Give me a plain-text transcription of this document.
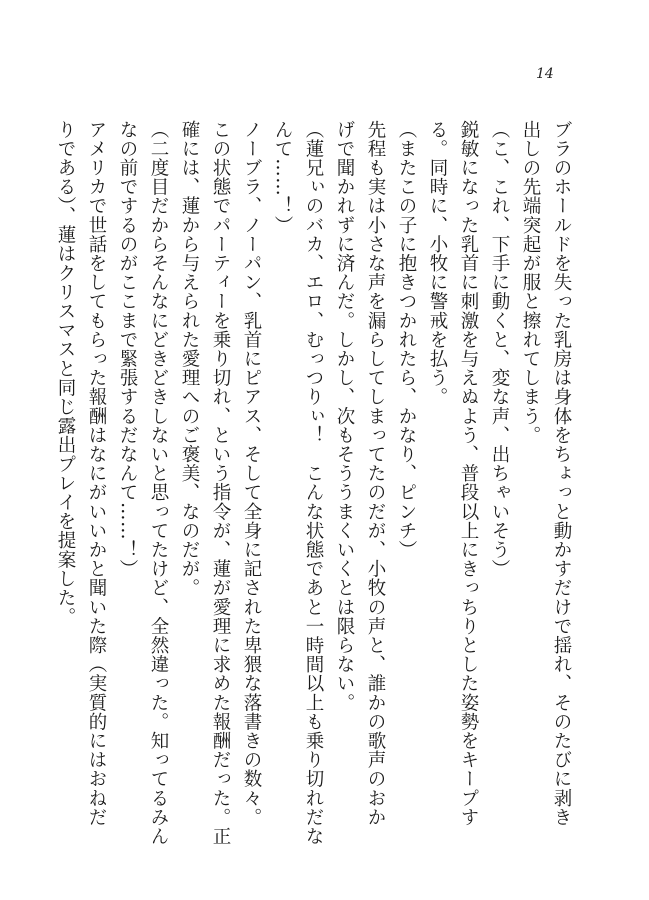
14
ブラのホールドを失った乳房は身体をちょっと動かすだけで揺れ、そのたびに剥き
出しの先端突起が服と擦れてしまう。
（こ、これ、下手に動くと、変な声、出ちゃいそう）
鋭敏になった乳首に刺激を与えぬよう、普段以上にきっちりとした姿勢をキープす
る。同時に、小牧に警戒を払う。
（またこの子に抱きつかれたら、かなり、ピンチ）
先程も実は小さな声を漏らしてしまってたのだが、小牧の声と、誰かの歌声のおか
げで聞かれずに済んだ。しかし、次もそううまくいくとは限らない。
（蓮兄ぃのバカ、エロ、むっつりぃ！　こんな状態であと一時間以上も乗り切れだな
んて……！）
ノーブラ、ノーパン、乳首にピアス、そして全身に記された卑猥な落書きの数々。
この状態でパーティーを乗り切れ、という指令が、蓮が愛理に求めた報酬だった。正
確には、蓮から与えられた愛理へのご褒美、なのだが。
（二度目だからそんなにどきどきしないと思ってたけど、全然違った。知ってるみん
なの前でするのがここまで緊張するだなんて……！）
アメリカで世話をしてもらった報酬はなにがいいかと聞いた際（実質的にはおねだ
りである）、蓮はクリスマスと同じ露出プレイを提案した。
